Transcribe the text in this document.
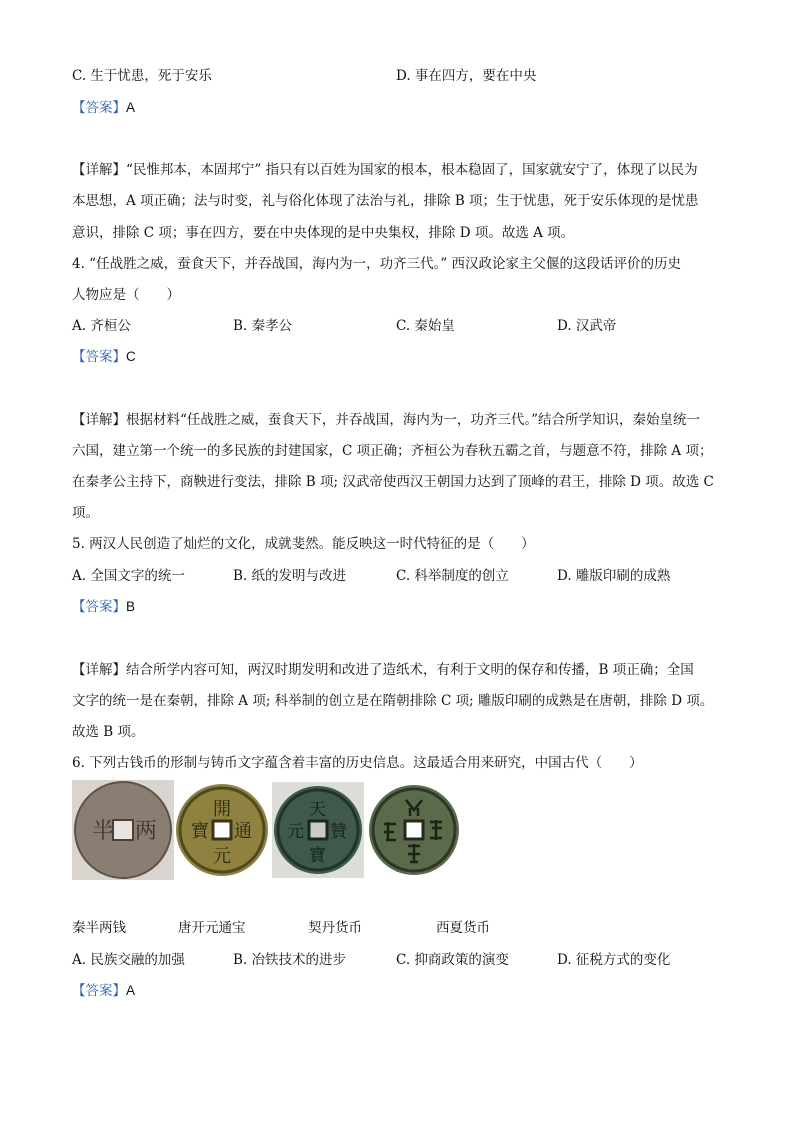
C. 生于忧患，死于安乐	D. 事在四方，要在中央
【答案】A
【详解】“民惟邦本，本固邦宁” 指只有以百姓为国家的根本，根本稳固了，国家就安宁了，体现了以民为
本思想，A 项正确；法与时变，礼与俗化体现了法治与礼，排除 B 项；生于忧患，死于安乐体现的是忧患
意识，排除 C 项；事在四方，要在中央体现的是中央集权，排除 D 项。故选 A 项。
4. “任战胜之威，蚕食天下，并吞战国，海内为一，功齐三代。” 西汉政论家主父偃的这段话评价的历史
人物应是（　　）
A. 齐桓公	B. 秦孝公	C. 秦始皇	D. 汉武帝
【答案】C
【详解】根据材料“任战胜之威，蚕食天下，并吞战国，海内为一，功齐三代。”结合所学知识，秦始皇统一
六国，建立第一个统一的多民族的封建国家，C 项正确；齐桓公为春秋五霸之首，与题意不符，排除 A 项；
在秦孝公主持下，商鞅进行变法，排除 B 项; 汉武帝使西汉王朝国力达到了顶峰的君王，排除 D 项。故选 C
项。
5. 两汉人民创造了灿烂的文化，成就斐然。能反映这一时代特征的是（　　）
A. 全国文字的统一	B. 纸的发明与改进	C. 科举制度的创立	D. 雕版印刷的成熟
【答案】B
【详解】结合所学内容可知，两汉时期发明和改进了造纸术，有利于文明的保存和传播，B 项正确；全国
文字的统一是在秦朝，排除 A 项; 科举制的创立是在隋朝排除 C 项; 雕版印刷的成熟是在唐朝，排除 D 项。
故选 B 项。
6. 下列古钱币的形制与铸币文字蕴含着丰富的历史信息。这最适合用来研究，中国古代（　　）
半 两
開
通
元
寶
天
贊
寶
元
秦半两钱	唐开元通宝	契丹货币	西夏货币
A. 民族交融的加强	B. 冶铁技术的进步	C. 抑商政策的演变	D. 征税方式的变化
【答案】A
